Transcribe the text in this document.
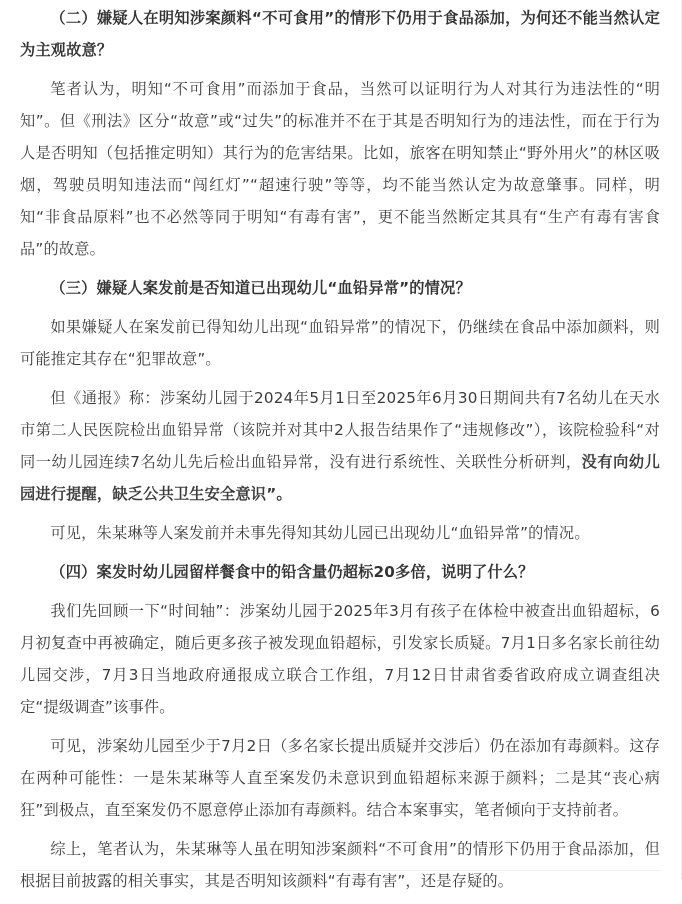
（二）嫌疑人在明知涉案颜料“不可食用”的情形下仍用于食品添加，为何还不能当然认定为主观故意？

笔者认为，明知“不可食用”而添加于食品，当然可以证明行为人对其行为违法性的“明知”。但《刑法》区分“故意”或“过失”的标准并不在于其是否明知行为的违法性，而在于行为人是否明知（包括推定明知）其行为的危害结果。比如，旅客在明知禁止“野外用火”的林区吸烟，驾驶员明知违法而“闯红灯”“超速行驶”等等，均不能当然认定为故意肇事。同样，明知“非食品原料”也不必然等同于明知“有毒有害”，更不能当然断定其具有“生产有毒有害食品”的故意。

（三）嫌疑人案发前是否知道已出现幼儿“血铅异常”的情况？

如果嫌疑人在案发前已得知幼儿出现“血铅异常”的情况下，仍继续在食品中添加颜料，则可能推定其存在“犯罪故意”。

但《通报》称：涉案幼儿园于2024年5月1日至2025年6月30日期间共有7名幼儿在天水市第二人民医院检出血铅异常（该院并对其中2人报告结果作了“违规修改”），该院检验科“对同一幼儿园连续7名幼儿先后检出血铅异常，没有进行系统性、关联性分析研判，没有向幼儿园进行提醒，缺乏公共卫生安全意识”。

可见，朱某琳等人案发前并未事先得知其幼儿园已出现幼儿“血铅异常”的情况。

（四）案发时幼儿园留样餐食中的铅含量仍超标20多倍，说明了什么？

我们先回顾一下“时间轴”：涉案幼儿园于2025年3月有孩子在体检中被查出血铅超标，6月初复查中再被确定，随后更多孩子被发现血铅超标，引发家长质疑。7月1日多名家长前往幼儿园交涉，7月3日当地政府通报成立联合工作组，7月12日甘肃省委省政府成立调查组决定“提级调查”该事件。

可见，涉案幼儿园至少于7月2日（多名家长提出质疑并交涉后）仍在添加有毒颜料。这存在两种可能性：一是朱某琳等人直至案发仍未意识到血铅超标来源于颜料；二是其“丧心病狂”到极点，直至案发仍不愿意停止添加有毒颜料。结合本案事实，笔者倾向于支持前者。

综上，笔者认为，朱某琳等人虽在明知涉案颜料“不可食用”的情形下仍用于食品添加，但根据目前披露的相关事实，其是否明知该颜料“有毒有害”，还是存疑的。
